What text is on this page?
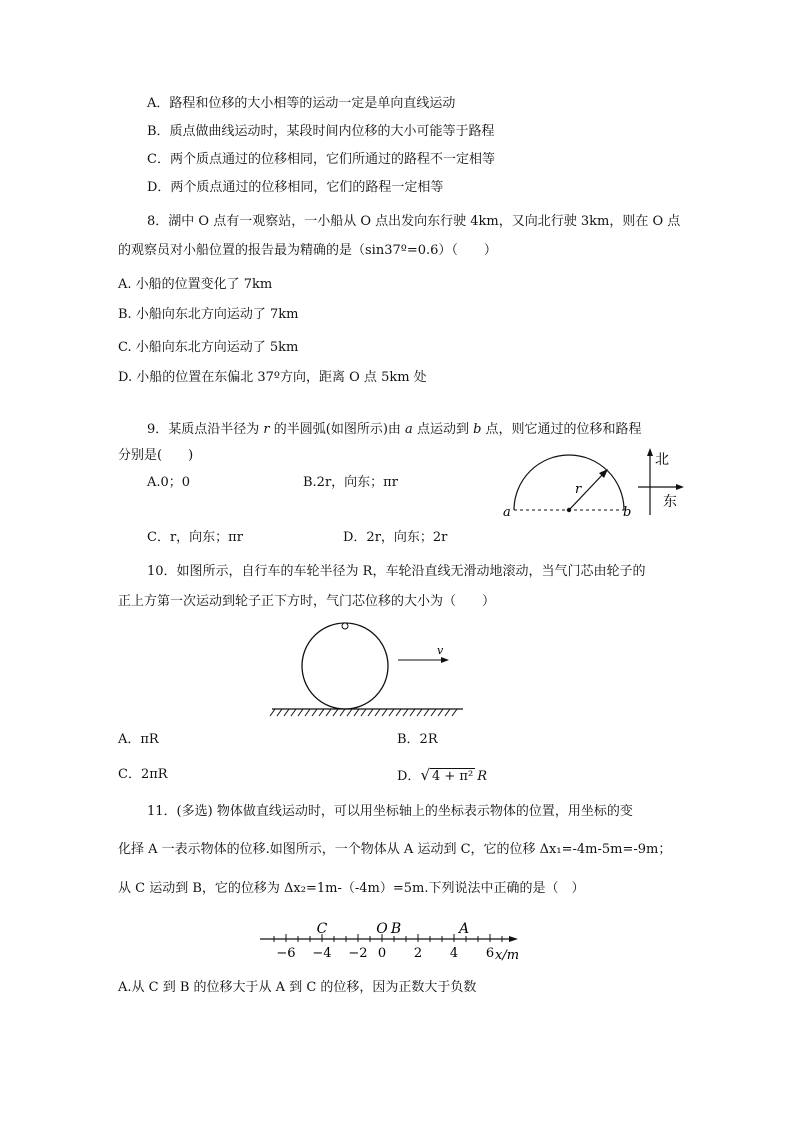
A．路程和位移的大小相等的运动一定是单向直线运动
B．质点做曲线运动时，某段时间内位移的大小可能等于路程
C．两个质点通过的位移相同，它们所通过的路程不一定相等
D．两个质点通过的位移相同，它们的路程一定相等
8．湖中 O 点有一观察站，一小船从 O 点出发向东行驶 4km，又向北行驶 3km，则在 O 点
的观察员对小船位置的报告最为精确的是（sin37º=0.6）（　　）
A. 小船的位置变化了 7km
B. 小船向东北方向运动了 7km
C. 小船向东北方向运动了 5km
D. 小船的位置在东偏北 37º方向，距离 O 点 5km 处
9．某质点沿半径为 r 的半圆弧(如图所示)由 a 点运动到 b 点，则它通过的位移和路程
分别是(　　)
A.0；0	B.2r，向东；πr
C．r，向东；πr	D．2r，向东；2r
r
a	b
北
东
10．如图所示，自行车的车轮半径为 R，车轮沿直线无滑动地滚动，当气门芯由轮子的
正上方第一次运动到轮子正下方时，气门芯位移的大小为（　　）
v
A．πR	B．2R
C．2πR	D．√ 4 + π² R
11．(多选) 物体做直线运动时，可以用坐标轴上的坐标表示物体的位置，用坐标的变
化择 A 一表示物体的位移.如图所示，一个物体从 A 运动到 C，它的位移 Δx₁=-4m-5m=-9m；
从 C 运动到 B，它的位移为 Δx₂=1m-（-4m）=5m.下列说法中正确的是（　）
−6 −4 −2 0 2 4 6
C	O B	A
x/m
A.从 C 到 B 的位移大于从 A 到 C 的位移，因为正数大于负数
